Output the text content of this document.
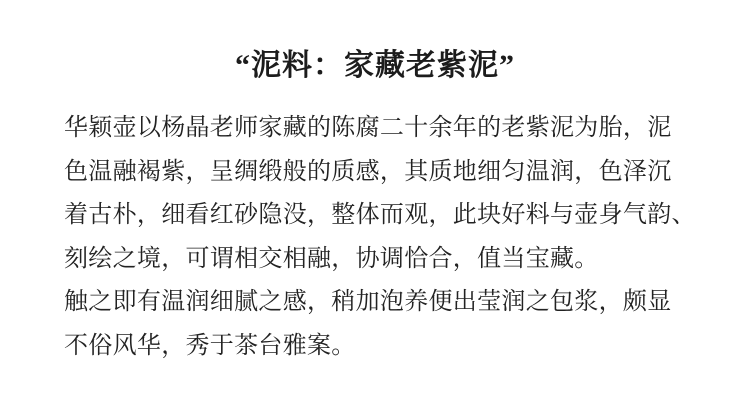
“泥料：家藏老紫泥”
华颖壶以杨晶老师家藏的陈腐二十余年的老紫泥为胎，泥
色温融褐紫，呈绸缎般的质感，其质地细匀温润，色泽沉
着古朴，细看红砂隐没，整体而观，此块好料与壶身气韵、
刻绘之境，可谓相交相融，协调恰合，值当宝藏。
触之即有温润细腻之感，稍加泡养便出莹润之包浆，颇显
不俗风华，秀于茶台雅案。
